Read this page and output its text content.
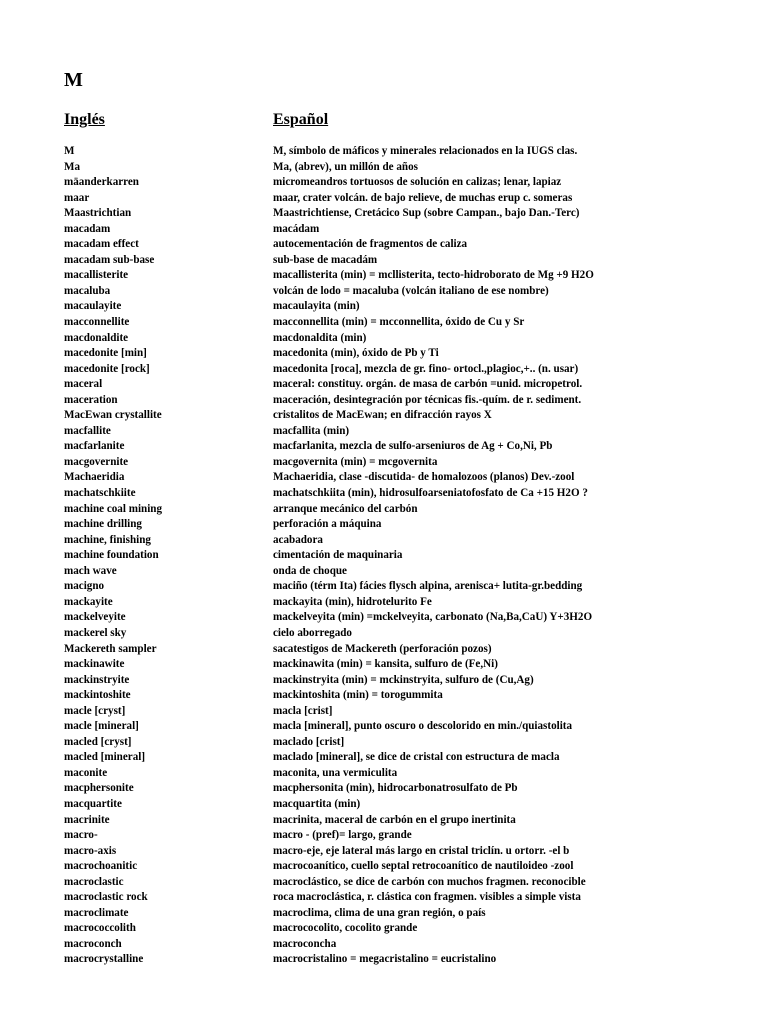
M
Inglés	Español
M	M, símbolo de máficos y minerales relacionados en la IUGS clas.
Ma	Ma, (abrev), un millón de años
mäanderkarren	micromeandros tortuosos de solución en calizas; lenar, lapiaz
maar	maar, crater volcán. de bajo relieve, de muchas erup c. someras
Maastrichtian	Maastrichtiense, Cretácico Sup (sobre Campan., bajo Dan.-Terc)
macadam	macádam
macadam effect	autocementación de fragmentos de caliza
macadam sub-base	sub-base de macadám
macallisterite	macallisterita (min) = mcllisterita, tecto-hidroborato de Mg +9 H2O
macaluba	volcán de lodo = macaluba (volcán italiano de ese nombre)
macaulayite	macaulayita (min)
macconnellite	macconnellita (min) = mcconnellita, óxido de Cu y Sr
macdonaldite	macdonaldita (min)
macedonite [min]	macedonita (min), óxido de Pb y Ti
macedonite [rock]	macedonita [roca], mezcla de gr. fino- ortocl.,plagioc,+.. (n. usar)
maceral	maceral: constituy. orgán. de masa de carbón =unid. micropetrol.
maceration	maceración, desintegración por técnicas fis.-quím. de r. sediment.
MacEwan crystallite	cristalitos de MacEwan; en difracción rayos X
macfallite	macfallita (min)
macfarlanite	macfarlanita, mezcla de sulfo-arseniuros de Ag + Co,Ni, Pb
macgovernite	macgovernita (min) = mcgovernita
Machaeridia	Machaeridia, clase -discutida- de homalozoos (planos) Dev.-zool
machatschkiite	machatschkiita (min), hidrosulfoarseniatofosfato de Ca +15 H2O ?
machine coal mining	arranque mecánico del carbón
machine drilling	perforación a máquina
machine, finishing	acabadora
machine foundation	cimentación de maquinaria
mach wave	onda de choque
macigno	maciño (térm Ita) fácies flysch alpina, arenisca+ lutita-gr.bedding
mackayite	mackayita (min), hidrotelurito Fe
mackelveyite	mackelveyita (min) =mckelveyita, carbonato (Na,Ba,CaU) Y+3H2O
mackerel sky	cielo aborregado
Mackereth sampler	sacatestigos de Mackereth (perforación pozos)
mackinawite	mackinawita (min) = kansita, sulfuro de (Fe,Ni)
mackinstryite	mackinstryita (min) = mckinstryita, sulfuro de (Cu,Ag)
mackintoshite	mackintoshita (min) = torogummita
macle [cryst]	macla [crist]
macle [mineral]	macla [mineral], punto oscuro o descolorido en min./quiastolita
macled [cryst]	maclado [crist]
macled [mineral]	maclado [mineral], se dice de cristal con estructura de macla
maconite	maconita, una vermiculita
macphersonite	macphersonita (min), hidrocarbonatrosulfato de Pb
macquartite	macquartita (min)
macrinite	macrinita, maceral de carbón en el grupo inertinita
macro-	macro - (pref)= largo, grande
macro-axis	macro-eje, eje lateral más largo en cristal triclín. u ortorr. -el b
macrochoanitic	macrocoanítico, cuello septal retrocoanítico de nautiloideo -zool
macroclastic	macroclástico, se dice de carbón con muchos fragmen. reconocible
macroclastic rock	roca macroclástica, r. clástica con fragmen. visibles a simple vista
macroclimate	macroclima, clima de una gran región, o país
macrococcolith	macrococolito, cocolito grande
macroconch	macroconcha
macrocrystalline	macrocristalino = megacristalino = eucristalino
